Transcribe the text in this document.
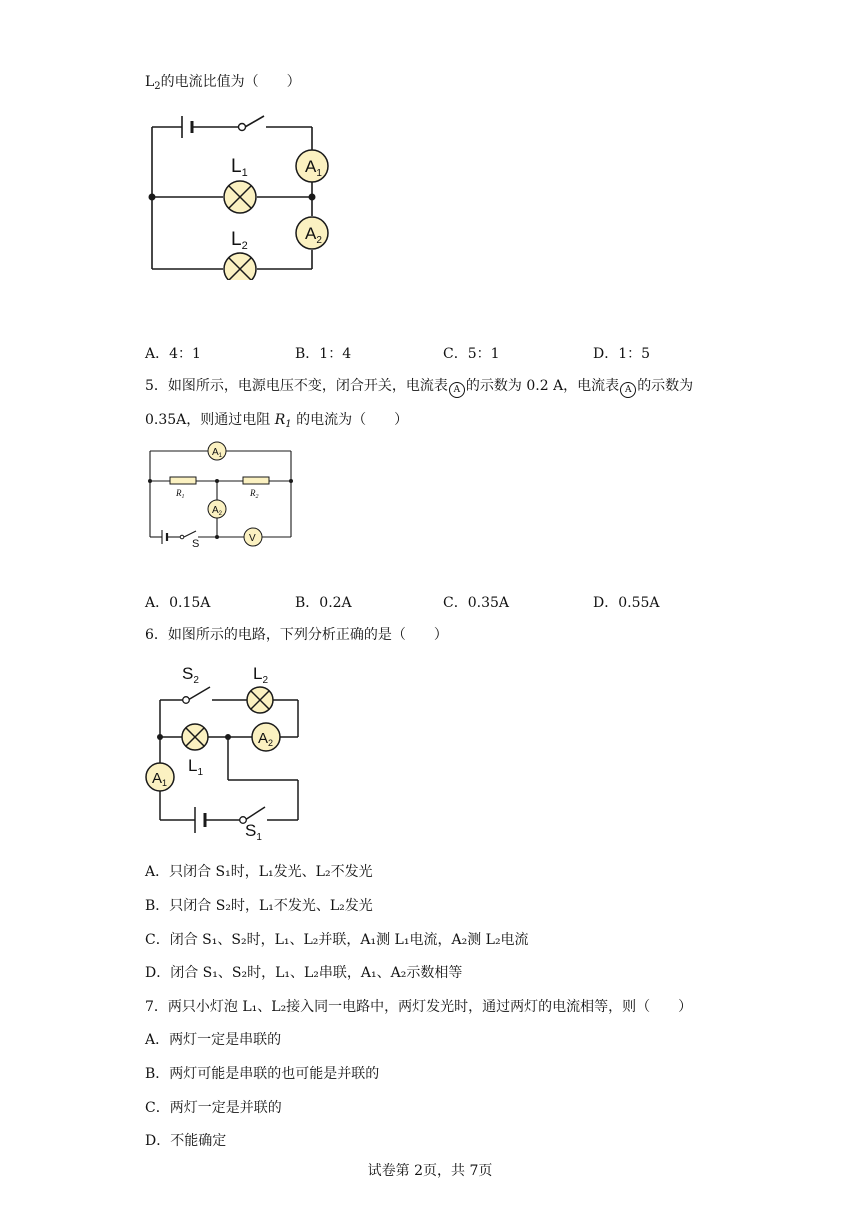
$L_2$的电流比值为（　　）
$A_1$
$A_2$
$L_1$
$L_2$
A．4：1	B．1：4	C．5：1	D．1：5
5．如图所示，电源电压不变，闭合开关，电流表 A 的示数为 0.2 A，电流表 A 的示数为
0.35A，则通过电阻 $R_1$ 的电流为（　　）
$R_1$	$R_2$
$A_1$
$A_2$
V
S
A．0.15A	B．0.2A	C．0.35A	D．0.55A
6．如图所示的电路，下列分析正确的是（　　）
$S_2$	$L_2$
$L_1$
$A_2$
$A_1$
$S_1$
A．只闭合 S₁时，L₁发光、L₂不发光
B．只闭合 S₂时，L₁不发光、L₂发光
C．闭合 S₁、S₂时，L₁、L₂并联，A₁测 L₁电流，A₂测 L₂电流
D．闭合 S₁、S₂时，L₁、L₂串联，A₁、A₂示数相等
7．两只小灯泡 L₁、L₂接入同一电路中，两灯发光时，通过两灯的电流相等，则（　　）
A．两灯一定是串联的
B．两灯可能是串联的也可能是并联的
C．两灯一定是并联的
D．不能确定
试卷第 2页，共 7页
